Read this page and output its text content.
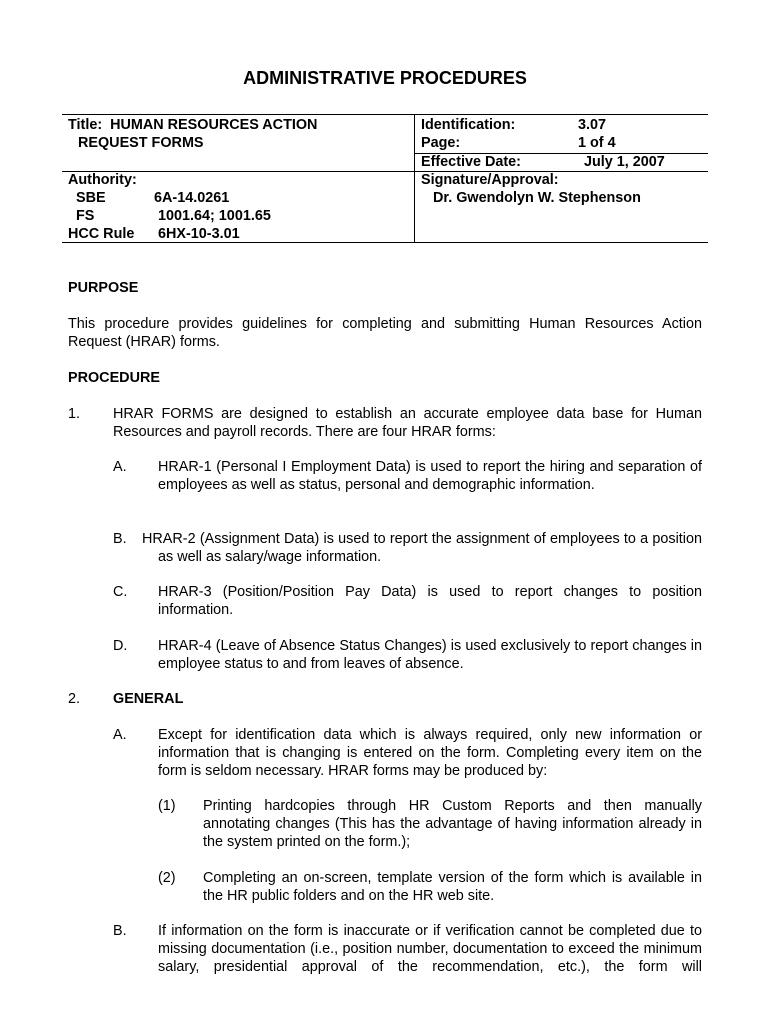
ADMINISTRATIVE PROCEDURES
Title:  HUMAN RESOURCES ACTION
REQUEST FORMS
Identification:	3.07
Page:	1 of 4
Effective Date:	July 1, 2007
Authority:
SBE	6A-14.0261
FS	1001.64; 1001.65
HCC Rule 6HX-10-3.01
Signature/Approval:
Dr. Gwendolyn W. Stephenson
PURPOSE
This procedure provides guidelines for completing and submitting Human Resources Action Request (HRAR) forms.
PROCEDURE
1. HRAR FORMS are designed to establish an accurate employee data base for Human Resources and payroll records. There are four HRAR forms:
A. HRAR-1 (Personal I Employment Data) is used to report the hiring and separation of employees as well as status, personal and demographic information.
B. HRAR-2 (Assignment Data) is used to report the assignment of employees to a position as well as salary/wage information.
C. HRAR-3 (Position/Position Pay Data) is used to report changes to position information.
D. HRAR-4 (Leave of Absence Status Changes) is used exclusively to report changes in employee status to and from leaves of absence.
2. GENERAL
A. Except for identification data which is always required, only new information or information that is changing is entered on the form. Completing every item on the form is seldom necessary. HRAR forms may be produced by:
(1) Printing hardcopies through HR Custom Reports and then manually annotating changes (This has the advantage of having information already in the system printed on the form.);
(2) Completing an on-screen, template version of the form which is available in the HR public folders and on the HR web site.
B. If information on the form is inaccurate or if verification cannot be completed due to missing documentation (i.e., position number, documentation to exceed the minimum salary, presidential approval of the recommendation, etc.), the form will
